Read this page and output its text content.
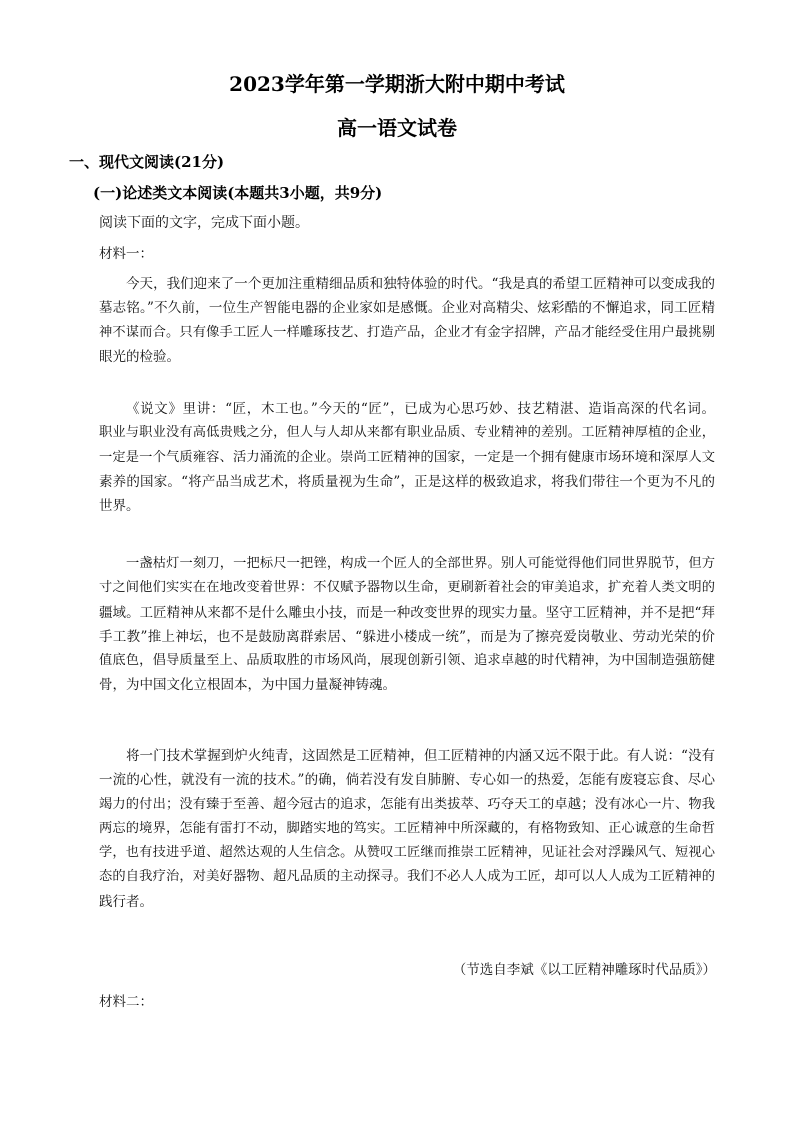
2023学年第一学期浙大附中期中考试
高一语文试卷
一、现代文阅读(21分)
(一)论述类文本阅读(本题共3小题，共9分)
阅读下面的文字，完成下面小题。
材料一：
今天，我们迎来了一个更加注重精细品质和独特体验的时代。“我是真的希望工匠精神可以变成我的
墓志铭。”不久前，一位生产智能电器的企业家如是感慨。企业对高精尖、炫彩酷的不懈追求，同工匠精
神不谋而合。只有像手工匠人一样雕琢技艺、打造产品，企业才有金字招牌，产品才能经受住用户最挑剔
眼光的检验。
《说文》里讲：“匠，木工也。”今天的“匠”，已成为心思巧妙、技艺精湛、造诣高深的代名词。
职业与职业没有高低贵贱之分，但人与人却从来都有职业品质、专业精神的差别。工匠精神厚植的企业，
一定是一个气质雍容、活力涌流的企业。崇尚工匠精神的国家，一定是一个拥有健康市场环境和深厚人文
素养的国家。“将产品当成艺术，将质量视为生命”，正是这样的极致追求，将我们带往一个更为不凡的
世界。
一盏枯灯一刻刀，一把标尺一把锉，构成一个匠人的全部世界。别人可能觉得他们同世界脱节，但方
寸之间他们实实在在地改变着世界：不仅赋予器物以生命，更刷新着社会的审美追求，扩充着人类文明的
疆域。工匠精神从来都不是什么雕虫小技，而是一种改变世界的现实力量。坚守工匠精神，并不是把“拜
手工教”推上神坛，也不是鼓励离群索居、“躲进小楼成一统”，而是为了擦亮爱岗敬业、劳动光荣的价
值底色，倡导质量至上、品质取胜的市场风尚，展现创新引领、追求卓越的时代精神，为中国制造强筋健
骨，为中国文化立根固本，为中国力量凝神铸魂。
将一门技术掌握到炉火纯青，这固然是工匠精神，但工匠精神的内涵又远不限于此。有人说：“没有
一流的心性，就没有一流的技术。”的确，倘若没有发自肺腑、专心如一的热爱，怎能有废寝忘食、尽心
竭力的付出；没有臻于至善、超今冠古的追求，怎能有出类拔萃、巧夺天工的卓越；没有冰心一片、物我
两忘的境界，怎能有雷打不动，脚踏实地的笃实。工匠精神中所深藏的，有格物致知、正心诚意的生命哲
学，也有技进乎道、超然达观的人生信念。从赞叹工匠继而推崇工匠精神，见证社会对浮躁风气、短视心
态的自我疗治，对美好器物、超凡品质的主动探寻。我们不必人人成为工匠，却可以人人成为工匠精神的
践行者。
（节选自李斌《以工匠精神雕琢时代品质》）
材料二：
